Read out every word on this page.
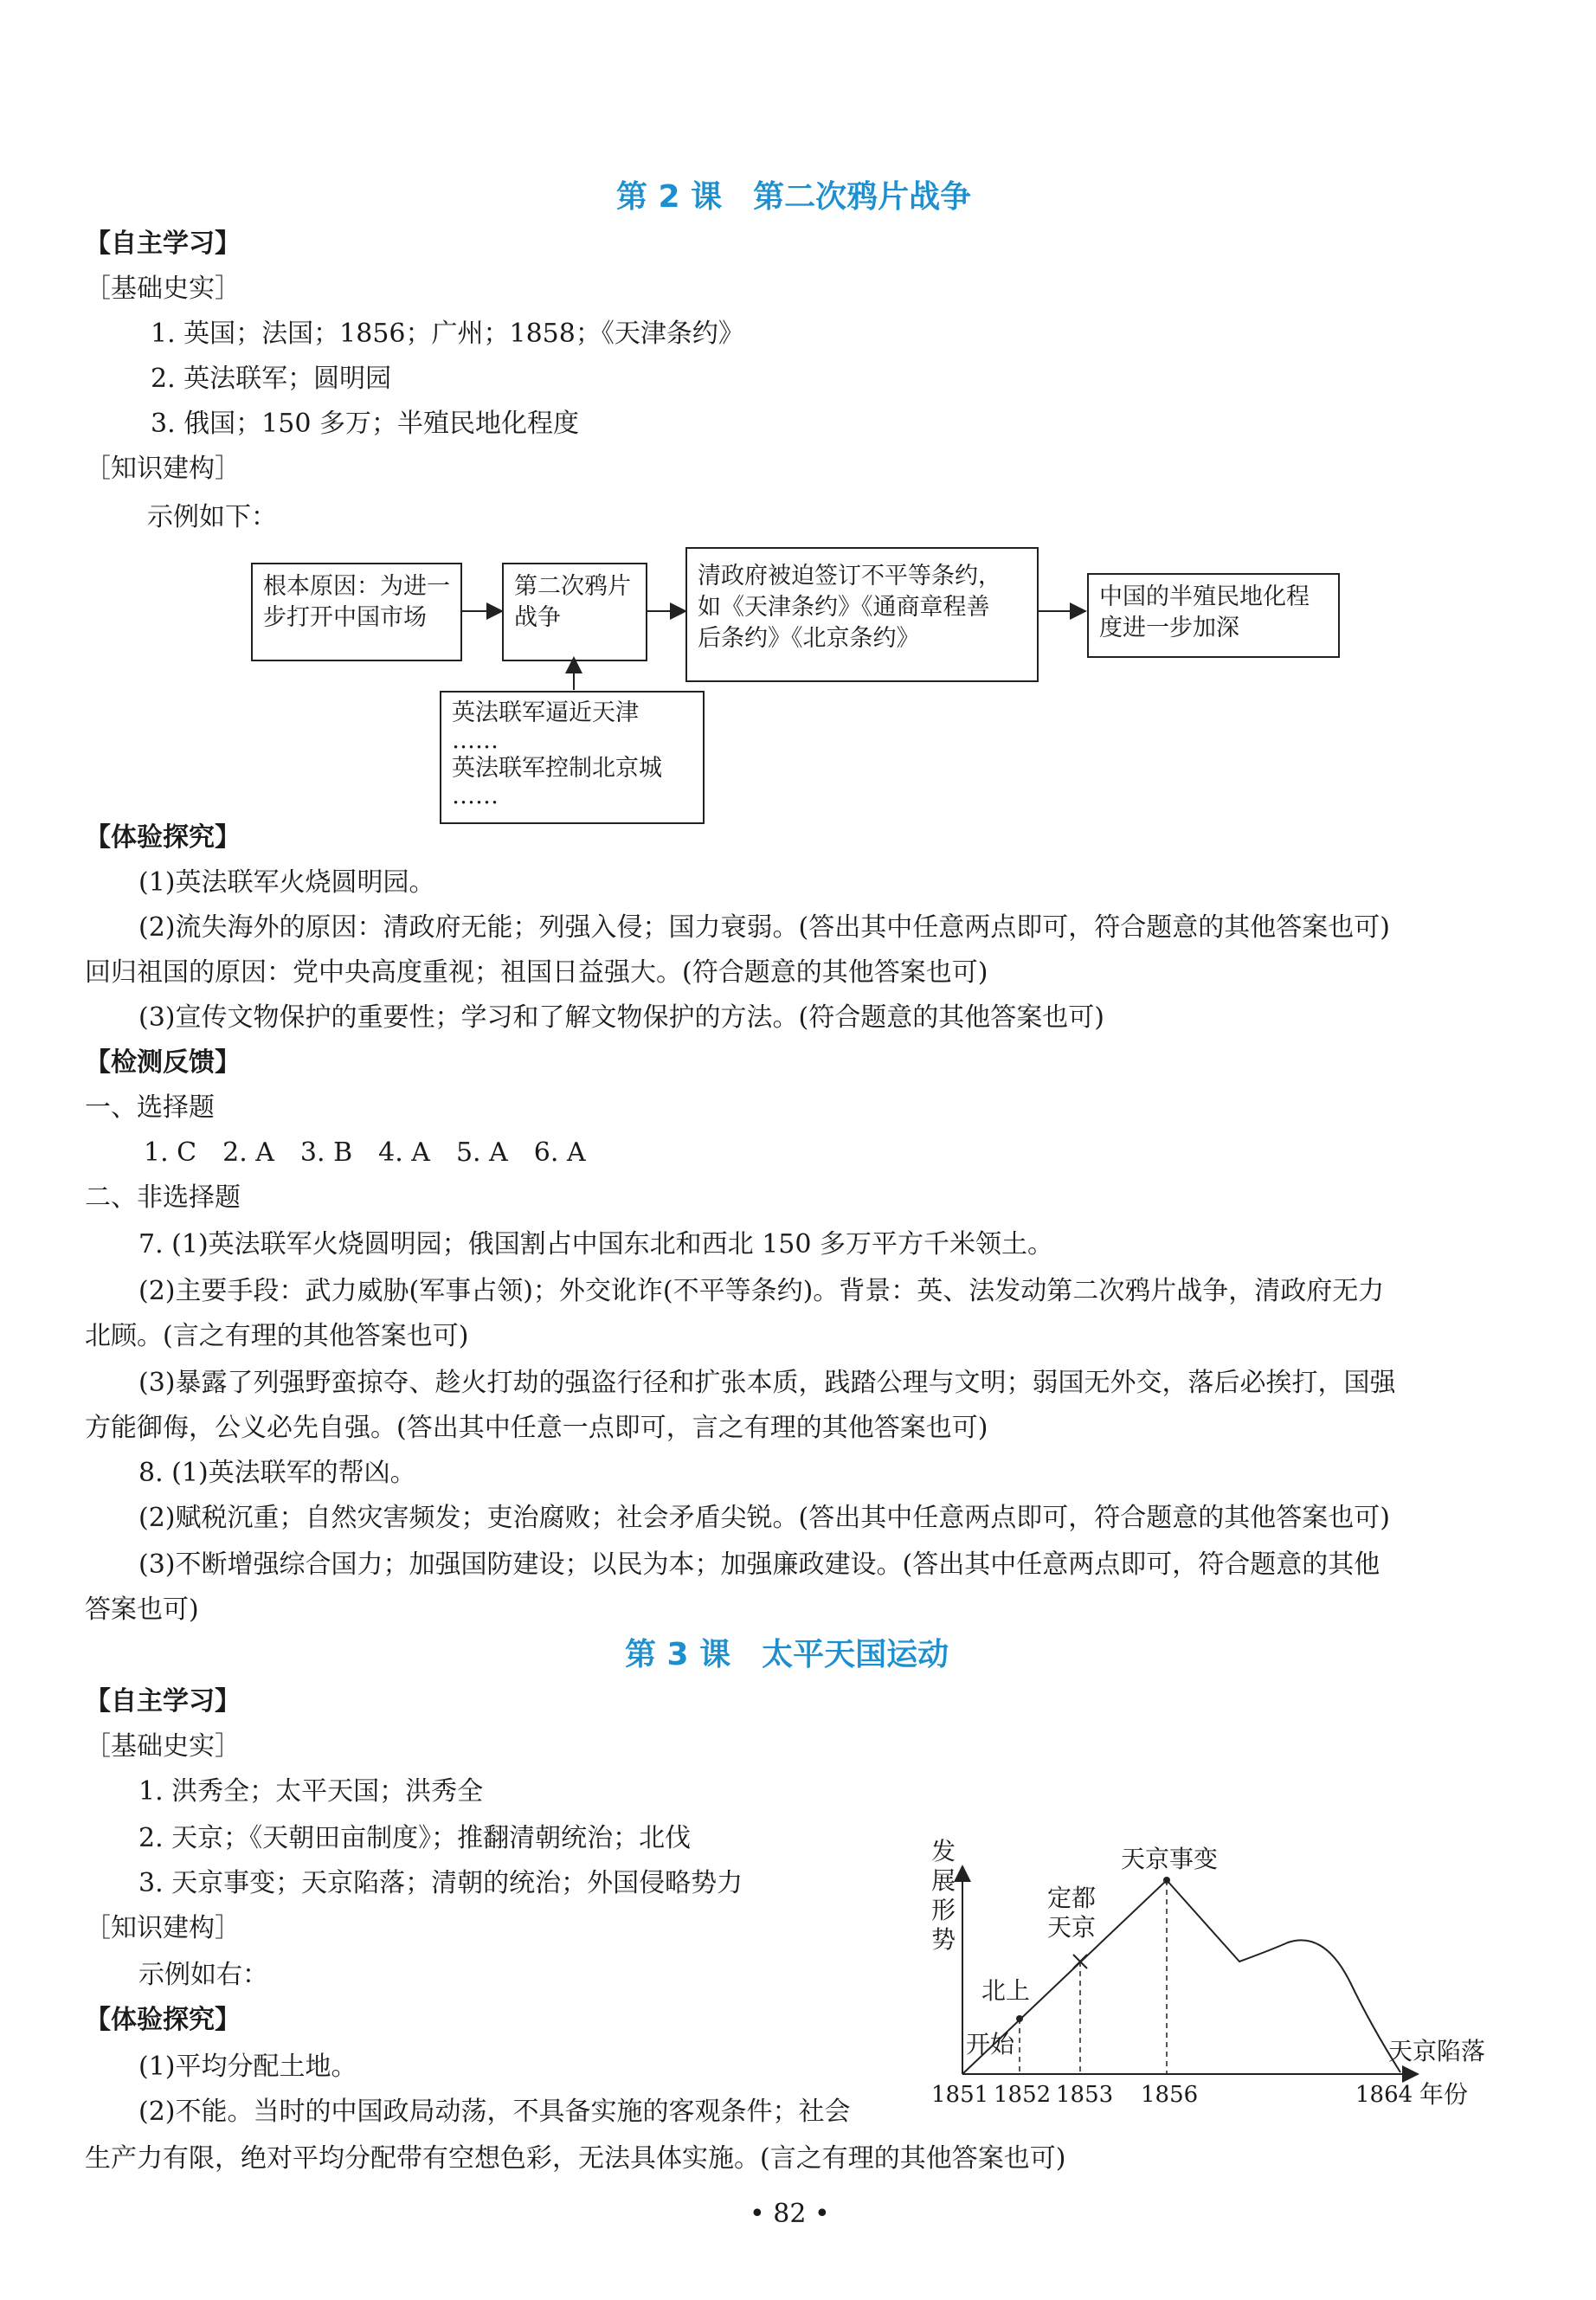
第 2 课　第二次鸦片战争
【自主学习】
［基础史实］
1. 英国；法国；1856；广州；1858；《天津条约》
2. 英法联军；圆明园
3. 俄国；150 多万；半殖民地化程度
［知识建构］
示例如下：
根本原因：为进一
步打开中国市场
第二次鸦片
战争
清政府被迫签订不平等条约，
如《天津条约》《通商章程善
后条约》《北京条约》
中国的半殖民地化程
度进一步加深
英法联军逼近天津
……
英法联军控制北京城
……
【体验探究】
(1)英法联军火烧圆明园。
(2)流失海外的原因：清政府无能；列强入侵；国力衰弱。(答出其中任意两点即可，符合题意的其他答案也可)
回归祖国的原因：党中央高度重视；祖国日益强大。(符合题意的其他答案也可)
(3)宣传文物保护的重要性；学习和了解文物保护的方法。(符合题意的其他答案也可)
【检测反馈】
一、选择题
1. C　2. A　3. B　4. A　5. A　6. A
二、非选择题
7. (1)英法联军火烧圆明园；俄国割占中国东北和西北 150 多万平方千米领土。
(2)主要手段：武力威胁(军事占领)；外交讹诈(不平等条约)。背景：英、法发动第二次鸦片战争，清政府无力
北顾。(言之有理的其他答案也可)
(3)暴露了列强野蛮掠夺、趁火打劫的强盗行径和扩张本质，践踏公理与文明；弱国无外交，落后必挨打，国强
方能御侮，公义必先自强。(答出其中任意一点即可，言之有理的其他答案也可)
8. (1)英法联军的帮凶。
(2)赋税沉重；自然灾害频发；吏治腐败；社会矛盾尖锐。(答出其中任意两点即可，符合题意的其他答案也可)
(3)不断增强综合国力；加强国防建设；以民为本；加强廉政建设。(答出其中任意两点即可，符合题意的其他
答案也可)
第 3 课　太平天国运动
【自主学习】
［基础史实］
1. 洪秀全；太平天国；洪秀全
2. 天京；《天朝田亩制度》；推翻清朝统治；北伐
3. 天京事变；天京陷落；清朝的统治；外国侵略势力
［知识建构］
示例如右：
【体验探究】
(1)平均分配土地。
(2)不能。当时的中国政局动荡，不具备实施的客观条件；社会
生产力有限，绝对平均分配带有空想色彩，无法具体实施。(言之有理的其他答案也可)
发
展
形
势
天京事变
定都
天京
北上
开始	天京陷落
1851 1852 1853 1856	1864 年份
• 82 •
